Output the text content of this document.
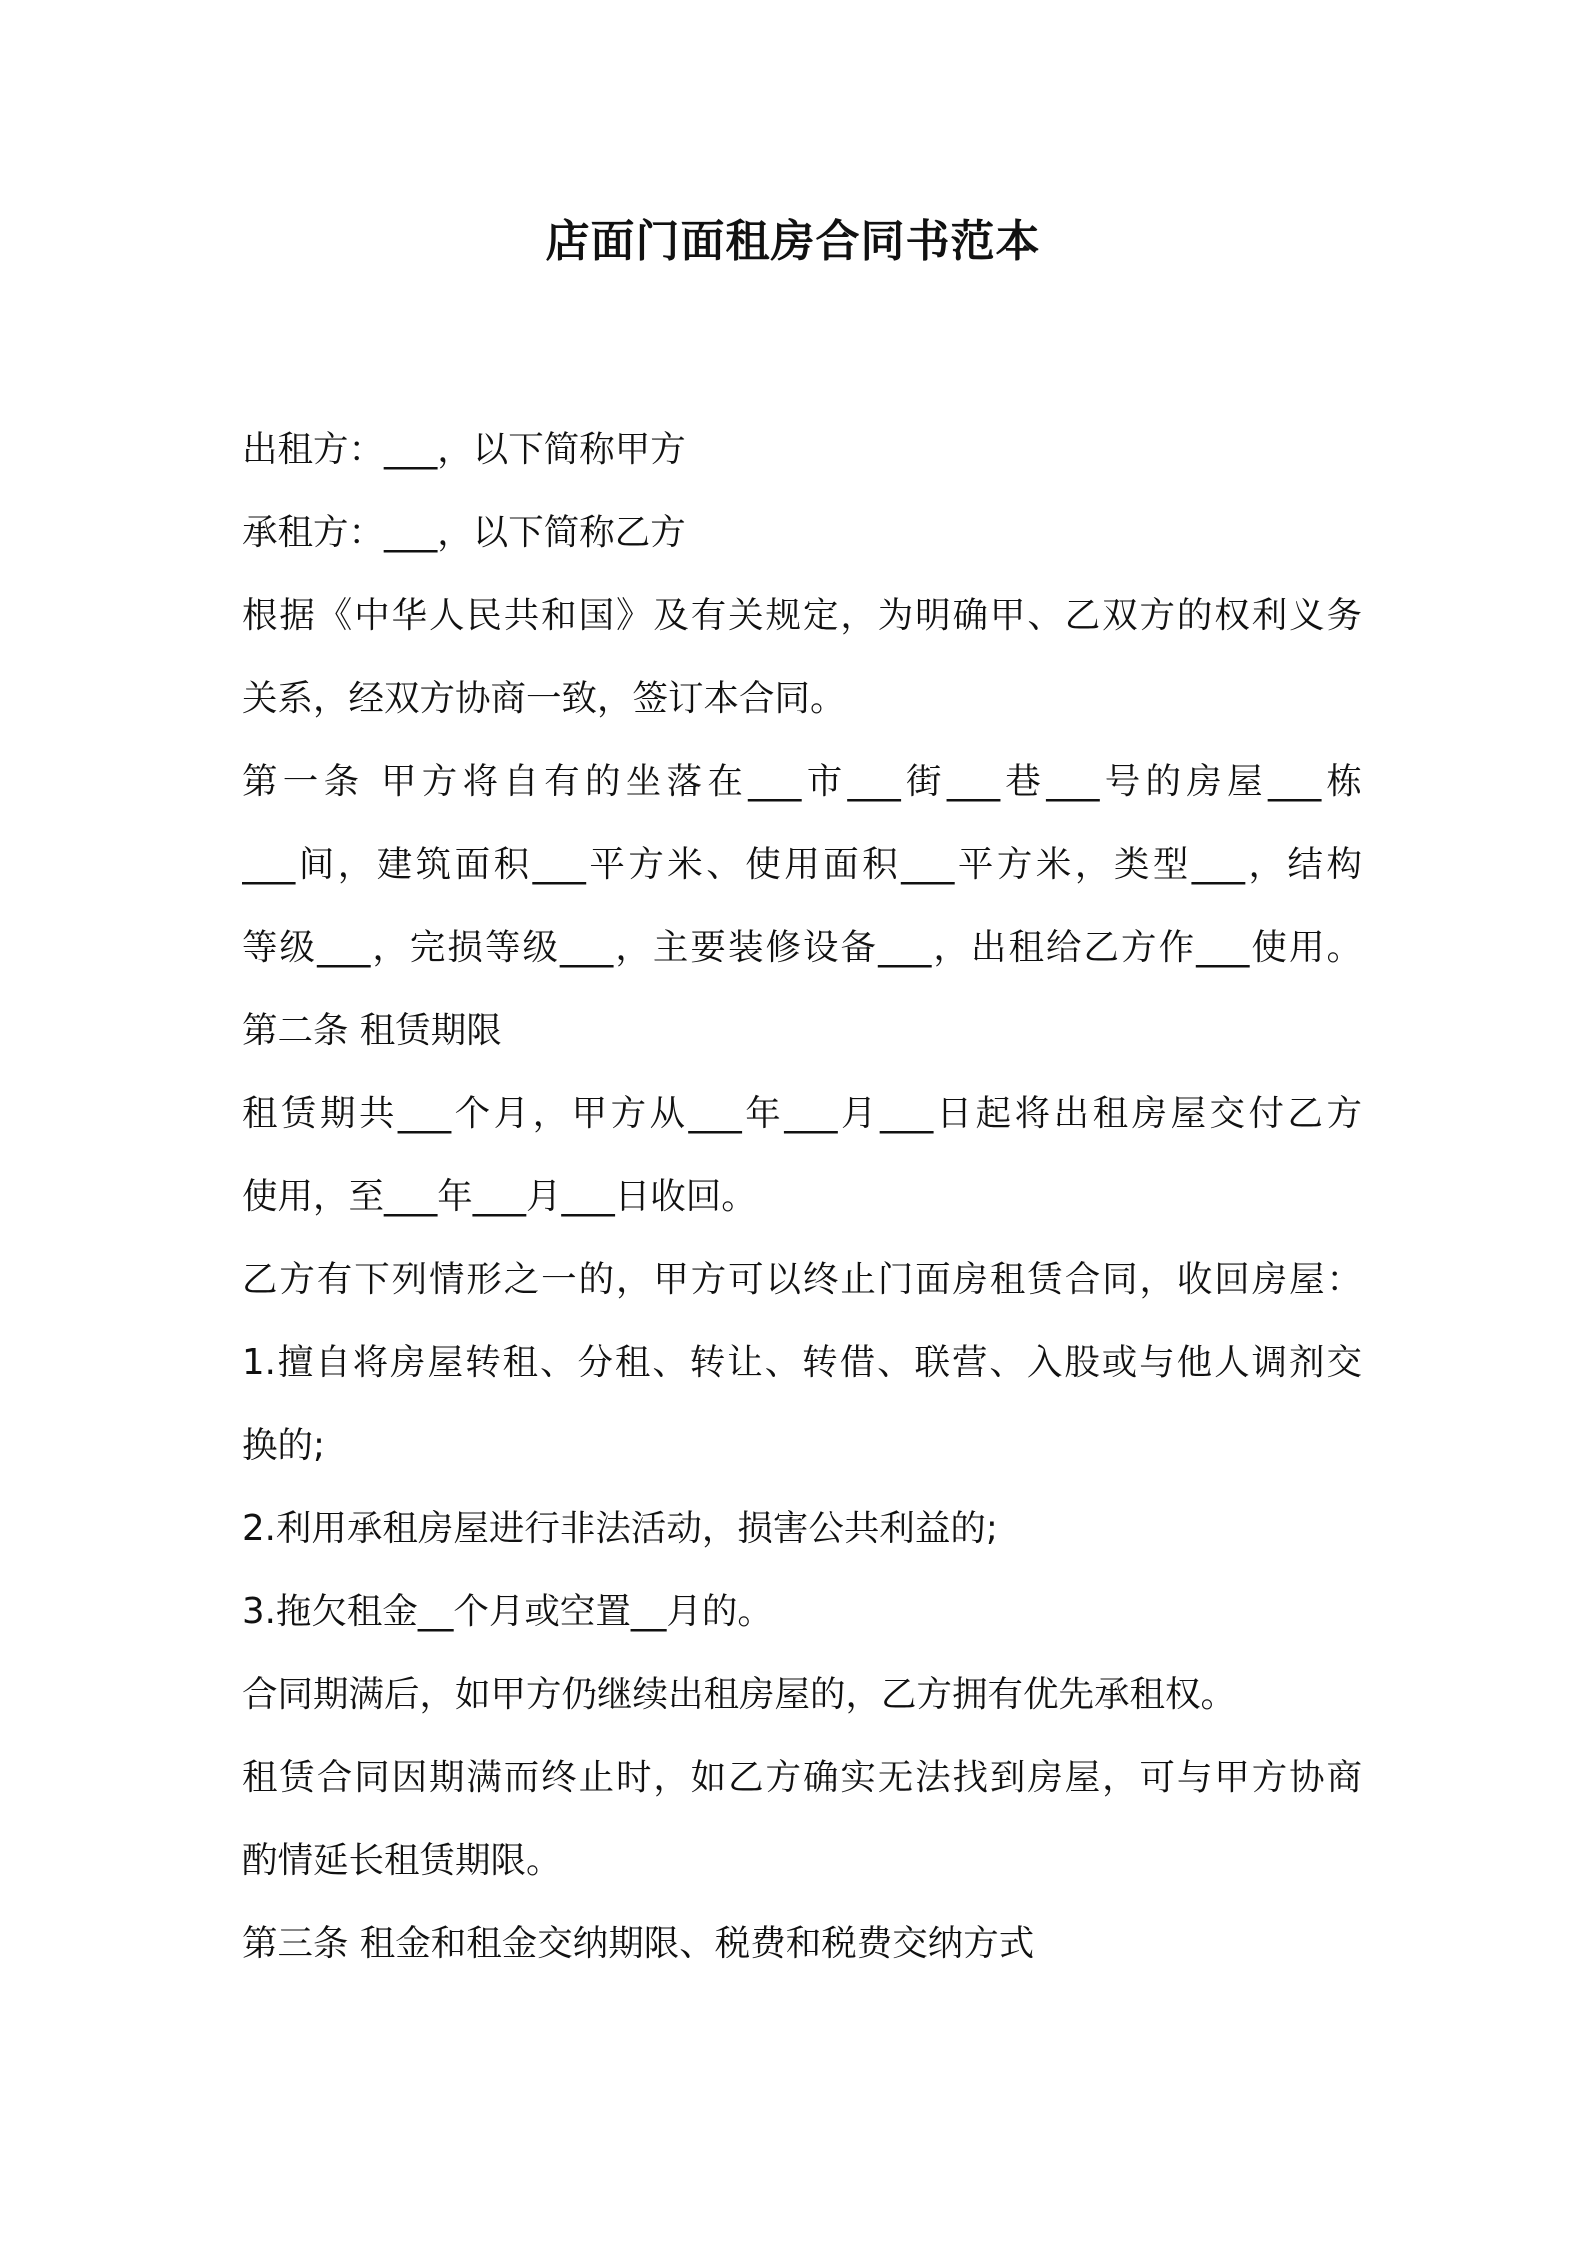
店面门面租房合同书范本
出租方：___，以下简称甲方
承租方：___，以下简称乙方
根据《中华人民共和国》及有关规定，为明确甲、乙双方的权利义务
关系，经双方协商一致，签订本合同。
第一条 甲方将自有的坐落在___市___街___巷___号的房屋___栋
___间，建筑面积___平方米、使用面积___平方米，类型___，结构
等级___，完损等级___，主要装修设备___，出租给乙方作___使用。
第二条 租赁期限
租赁期共___个月，甲方从___年___月___日起将出租房屋交付乙方
使用，至___年___月___日收回。
乙方有下列情形之一的，甲方可以终止门面房租赁合同，收回房屋：
1.擅自将房屋转租、分租、转让、转借、联营、入股或与他人调剂交
换的;
2.利用承租房屋进行非法活动，损害公共利益的;
3.拖欠租金__个月或空置__月的。
合同期满后，如甲方仍继续出租房屋的，乙方拥有优先承租权。
租赁合同因期满而终止时，如乙方确实无法找到房屋，可与甲方协商
酌情延长租赁期限。
第三条 租金和租金交纳期限、税费和税费交纳方式
